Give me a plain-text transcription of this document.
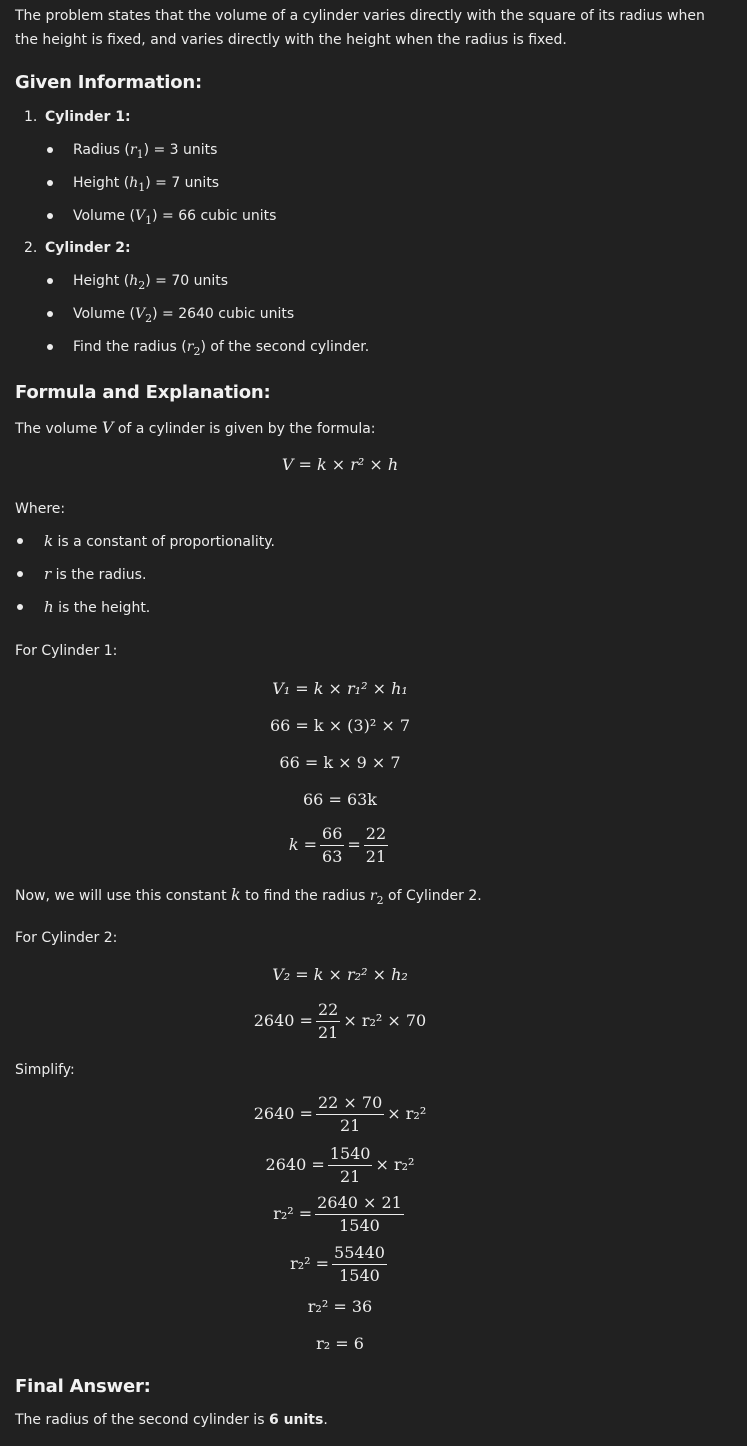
The problem states that the volume of a cylinder varies directly with the square of its radius when
the height is fixed, and varies directly with the height when the radius is fixed.
Given Information:
1. Cylinder 1:
Radius $(r_1) = 3$ units
Height $(h_1) = 7$ units
Volume $(V_1) = 66$ cubic units
2. Cylinder 2:
Height $(h_2) = 70$ units
Volume $(V_2) = 2640$ cubic units
Find the radius $(r_2)$ of the second cylinder.
Formula and Explanation:
The volume V of a cylinder is given by the formula:
V = k × r² × h
Where:
k is a constant of proportionality.
r is the radius.
h is the height.
For Cylinder 1:
V₁ = k × r₁² × h₁
66 = k × (3)² × 7
66 = k × 9 × 7
66 = 63k
$k = \frac{66}{63} = \frac{22}{21}$
Now, we will use this constant k to find the radius $r_2$ of Cylinder 2.
For Cylinder 2:
V₂ = k × r₂² × h₂
$2640 = \frac{22}{21} \times r_2^2 \times 70$
Simplify:
$2640 = \frac{22 \times 70}{21} \times r_2^2$
$2640 = \frac{1540}{21} \times r_2^2$
$r_2^2 = \frac{2640 \times 21}{1540}$
$r_2^2 = \frac{55440}{1540}$
r₂² = 36
r₂ = 6
Final Answer:
The radius of the second cylinder is 6 units.
